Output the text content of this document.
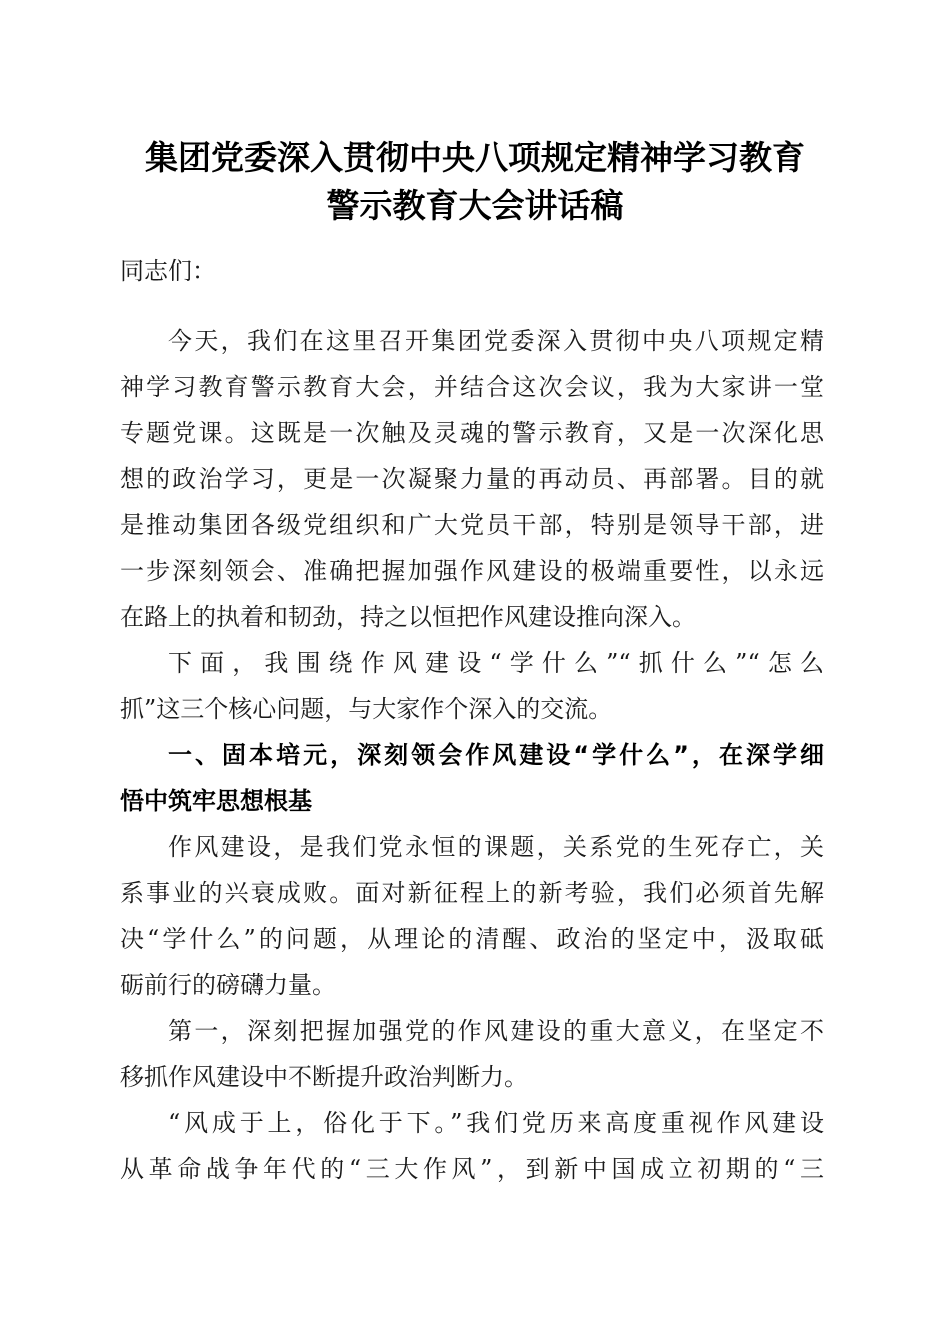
集团党委深入贯彻中央八项规定精神学习教育
警示教育大会讲话稿
同志们：
今天，我们在这里召开集团党委深入贯彻中央八项规定精
神学习教育警示教育大会，并结合这次会议，我为大家讲一堂
专题党课。这既是一次触及灵魂的警示教育，又是一次深化思
想的政治学习，更是一次凝聚力量的再动员、再部署。目的就
是推动集团各级党组织和广大党员干部，特别是领导干部，进
一步深刻领会、准确把握加强作风建设的极端重要性，以永远
在路上的执着和韧劲，持之以恒把作风建设推向深入。
下面，我围绕作风建设“学什么”“抓什么”“怎么
抓”这三个核心问题，与大家作个深入的交流。
一、固本培元，深刻领会作风建设“学什么”，在深学细
悟中筑牢思想根基
作风建设，是我们党永恒的课题，关系党的生死存亡，关
系事业的兴衰成败。面对新征程上的新考验，我们必须首先解
决“学什么”的问题，从理论的清醒、政治的坚定中，汲取砥
砺前行的磅礴力量。
第一，深刻把握加强党的作风建设的重大意义，在坚定不
移抓作风建设中不断提升政治判断力。
“风成于上，俗化于下。”我们党历来高度重视作风建设
从革命战争年代的“三大作风”，到新中国成立初期的“三
